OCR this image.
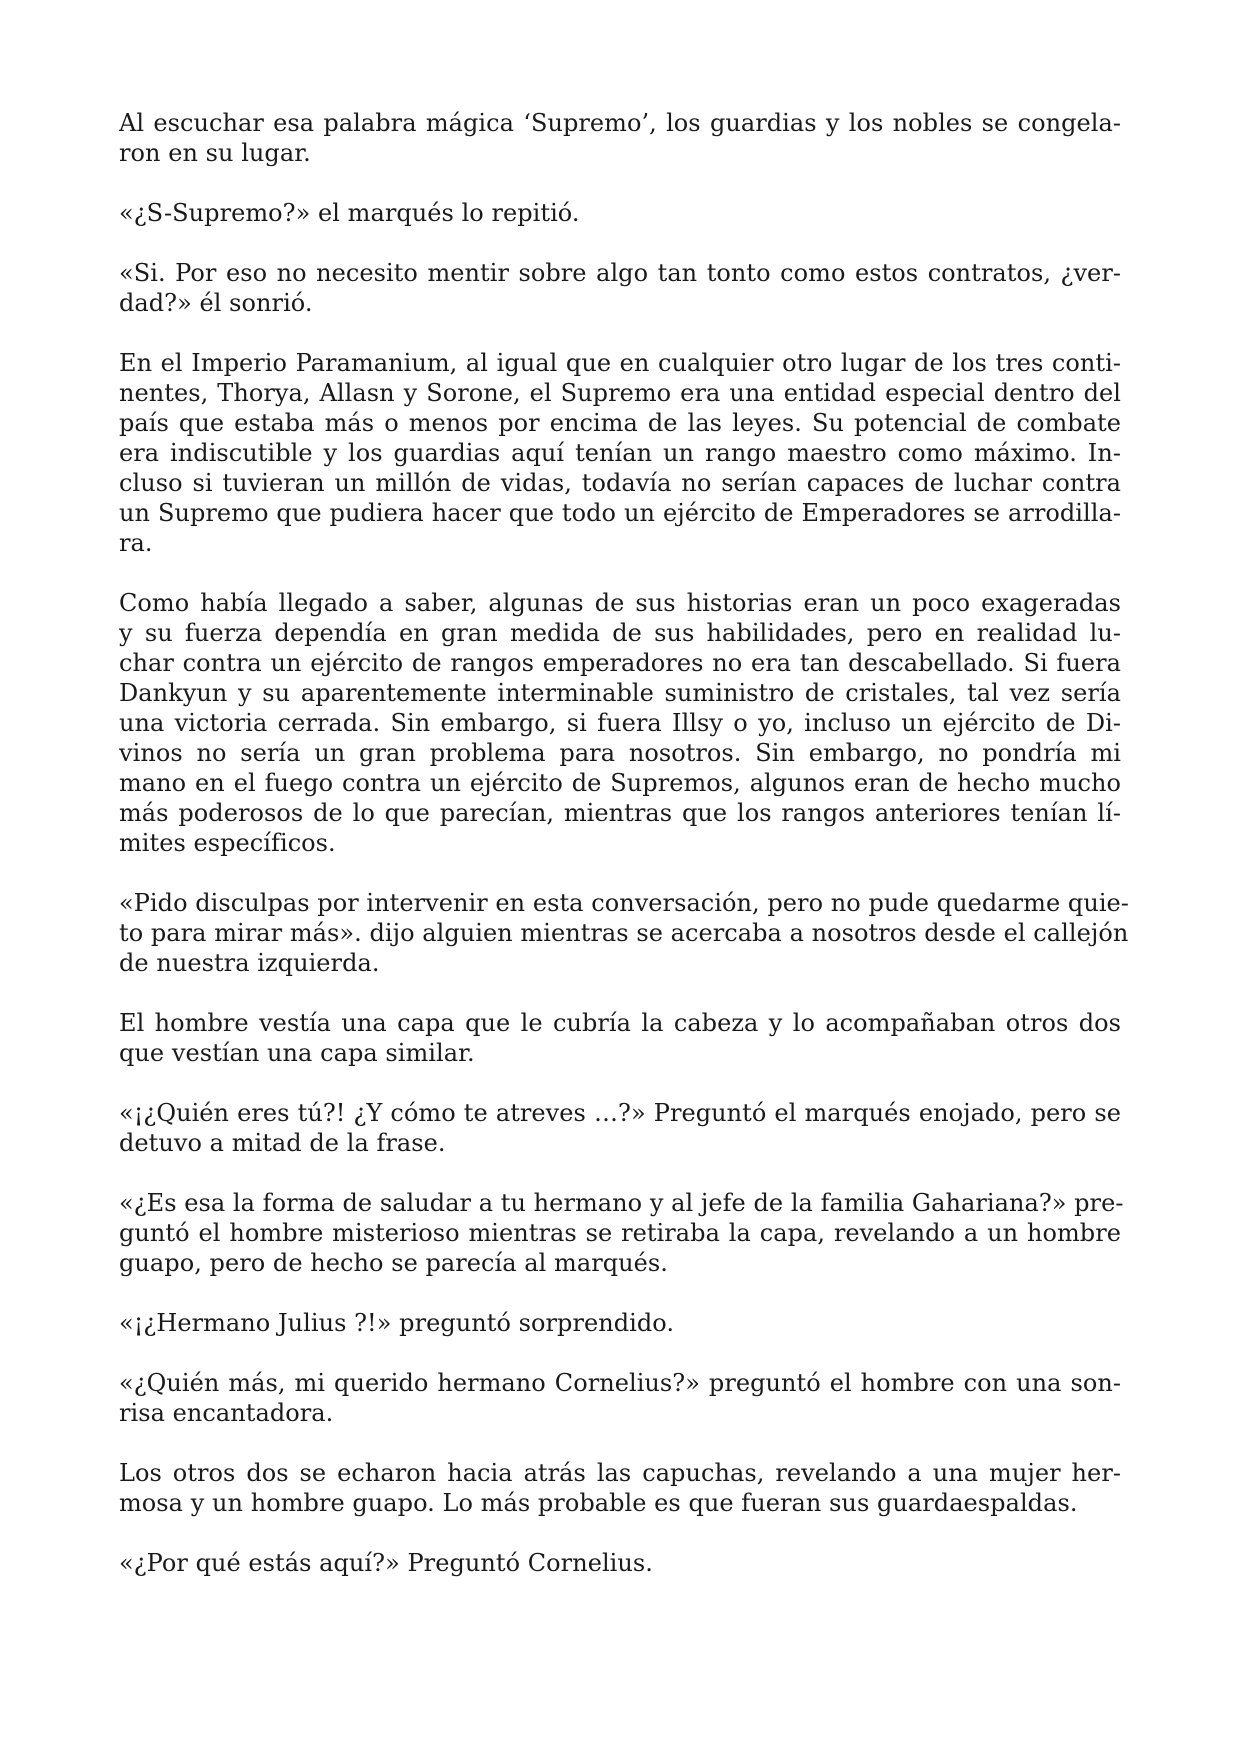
Al escuchar esa palabra mágica ‘Supremo’, los guardias y los nobles se congela-
ron en su lugar.

«¿S-Supremo?» el marqués lo repitió.

«Si. Por eso no necesito mentir sobre algo tan tonto como estos contratos, ¿ver-
dad?» él sonrió.

En el Imperio Paramanium, al igual que en cualquier otro lugar de los tres conti-
nentes, Thorya, Allasn y Sorone, el Supremo era una entidad especial dentro del
país que estaba más o menos por encima de las leyes. Su potencial de combate
era indiscutible y los guardias aquí tenían un rango maestro como máximo. In-
cluso si tuvieran un millón de vidas, todavía no serían capaces de luchar contra
un Supremo que pudiera hacer que todo un ejército de Emperadores se arrodilla-
ra.

Como había llegado a saber, algunas de sus historias eran un poco exageradas
y su fuerza dependía en gran medida de sus habilidades, pero en realidad lu-
char contra un ejército de rangos emperadores no era tan descabellado. Si fuera
Dankyun y su aparentemente interminable suministro de cristales, tal vez sería
una victoria cerrada. Sin embargo, si fuera Illsy o yo, incluso un ejército de Di-
vinos no sería un gran problema para nosotros. Sin embargo, no pondría mi
mano en el fuego contra un ejército de Supremos, algunos eran de hecho mucho
más poderosos de lo que parecían, mientras que los rangos anteriores tenían lí-
mites específicos.

«Pido disculpas por intervenir en esta conversación, pero no pude quedarme quie-
to para mirar más». dijo alguien mientras se acercaba a nosotros desde el callejón
de nuestra izquierda.

El hombre vestía una capa que le cubría la cabeza y lo acompañaban otros dos
que vestían una capa similar.

«¡¿Quién eres tú?! ¿Y cómo te atreves …?» Preguntó el marqués enojado, pero se
detuvo a mitad de la frase.

«¿Es esa la forma de saludar a tu hermano y al jefe de la familia Gahariana?» pre-
guntó el hombre misterioso mientras se retiraba la capa, revelando a un hombre
guapo, pero de hecho se parecía al marqués.

«¡¿Hermano Julius ?!» preguntó sorprendido.

«¿Quién más, mi querido hermano Cornelius?» preguntó el hombre con una son-
risa encantadora.

Los otros dos se echaron hacia atrás las capuchas, revelando a una mujer her-
mosa y un hombre guapo. Lo más probable es que fueran sus guardaespaldas.

«¿Por qué estás aquí?» Preguntó Cornelius.
